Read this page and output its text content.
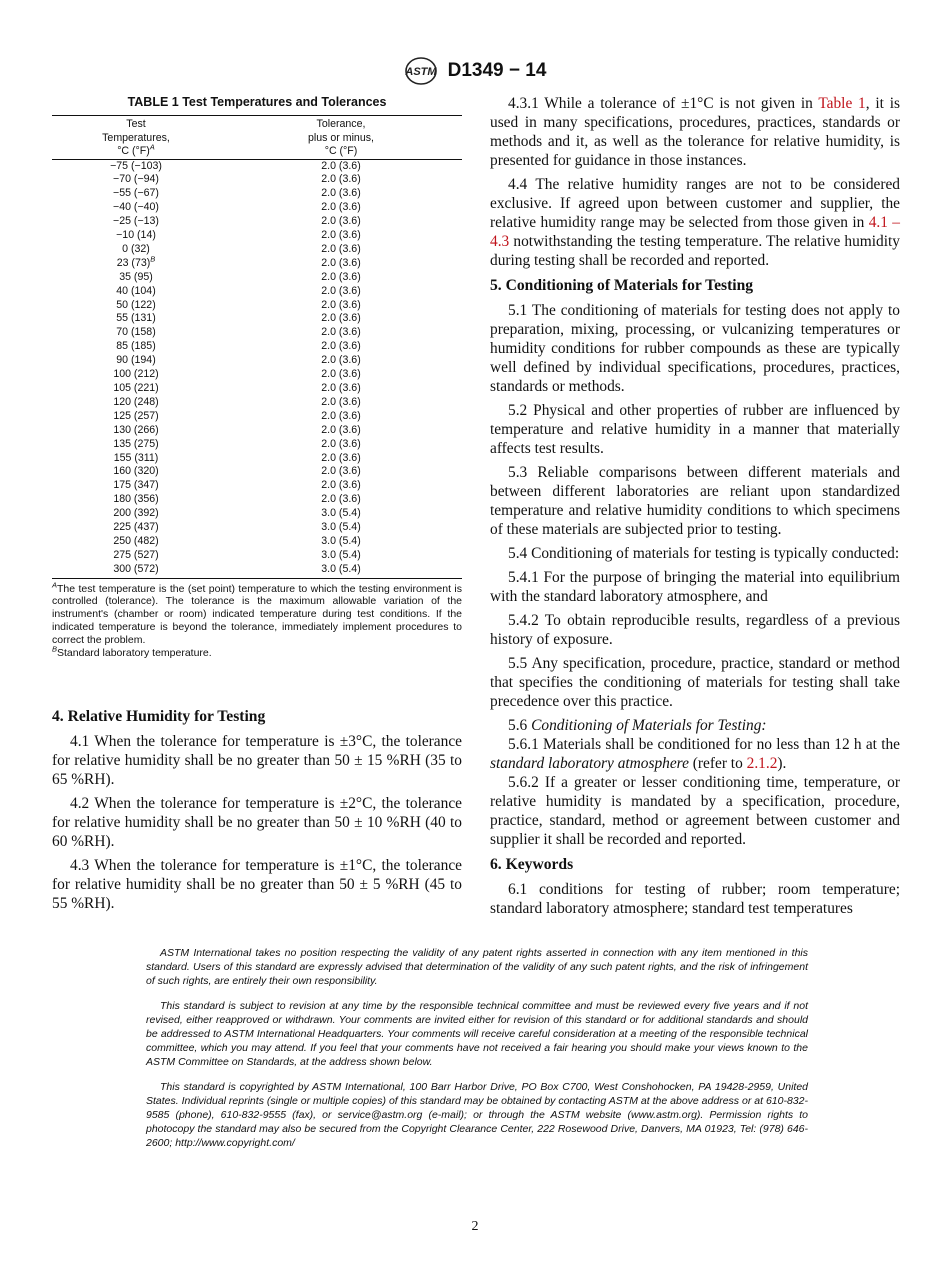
ASTM D1349 − 14
TABLE 1 Test Temperatures and Tolerances
Test
Temperatures,
°C $(^\circ F)^A$	Tolerance,
plus or minus,
°C (°F)
−75 (−103)	2.0 (3.6)
−70 (−94)	2.0 (3.6)
−55 (−67)	2.0 (3.6)
−40 (−40)	2.0 (3.6)
−25 (−13)	2.0 (3.6)
−10 (14)	2.0 (3.6)
0 (32)	2.0 (3.6)
23 $(73)^B$	2.0 (3.6)
35 (95)	2.0 (3.6)
40 (104)	2.0 (3.6)
50 (122)	2.0 (3.6)
55 (131)	2.0 (3.6)
70 (158)	2.0 (3.6)
85 (185)	2.0 (3.6)
90 (194)	2.0 (3.6)
100 (212)	2.0 (3.6)
105 (221)	2.0 (3.6)
120 (248)	2.0 (3.6)
125 (257)	2.0 (3.6)
130 (266)	2.0 (3.6)
135 (275)	2.0 (3.6)
155 (311)	2.0 (3.6)
160 (320)	2.0 (3.6)
175 (347)	2.0 (3.6)
180 (356)	2.0 (3.6)
200 (392)	3.0 (5.4)
225 (437)	3.0 (5.4)
250 (482)	3.0 (5.4)
275 (527)	3.0 (5.4)
300 (572)	3.0 (5.4)
$^A$The test temperature is the (set point) temperature to which the testing environment is controlled (tolerance). The tolerance is the maximum allowable variation of the instrument's (chamber or room) indicated temperature during test conditions. If the indicated temperature is beyond the tolerance, immediately implement procedures to correct the problem.
$^B$Standard laboratory temperature.
4. Relative Humidity for Testing

4.1 When the tolerance for temperature is ±3°C, the tolerance for relative humidity shall be no greater than 50 ± 15 %RH (35 to 65 %RH).

4.2 When the tolerance for temperature is ±2°C, the tolerance for relative humidity shall be no greater than 50 ± 10 %RH (40 to 60 %RH).

4.3 When the tolerance for temperature is ±1°C, the tolerance for relative humidity shall be no greater than 50 ± 5 %RH (45 to 55 %RH).

4.3.1 While a tolerance of ±1°C is not given in Table 1, it is used in many specifications, procedures, practices, standards or methods and it, as well as the tolerance for relative humidity, is presented for guidance in those instances.

4.4 The relative humidity ranges are not to be considered exclusive. If agreed upon between customer and supplier, the relative humidity range may be selected from those given in 4.1 – 4.3 notwithstanding the testing temperature. The relative humidity during testing shall be recorded and reported.

5. Conditioning of Materials for Testing

5.1 The conditioning of materials for testing does not apply to preparation, mixing, processing, or vulcanizing temperatures or humidity conditions for rubber compounds as these are typically well defined by individual specifications, procedures, practices, standards or methods.

5.2 Physical and other properties of rubber are influenced by temperature and relative humidity in a manner that materially affects test results.

5.3 Reliable comparisons between different materials and between different laboratories are reliant upon standardized temperature and relative humidity conditions to which specimens of these materials are subjected prior to testing.

5.4 Conditioning of materials for testing is typically conducted:

5.4.1 For the purpose of bringing the material into equilibrium with the standard laboratory atmosphere, and

5.4.2 To obtain reproducible results, regardless of a previous history of exposure.

5.5 Any specification, procedure, practice, standard or method that specifies the conditioning of materials for testing shall take precedence over this practice.

5.6 Conditioning of Materials for Testing:

5.6.1 Materials shall be conditioned for no less than 12 h at the standard laboratory atmosphere (refer to 2.1.2).

5.6.2 If a greater or lesser conditioning time, temperature, or relative humidity is mandated by a specification, procedure, practice, standard, method or agreement between customer and supplier it shall be recorded and reported.

6. Keywords

6.1 conditions for testing of rubber; room temperature; standard laboratory atmosphere; standard test temperatures

ASTM International takes no position respecting the validity of any patent rights asserted in connection with any item mentioned in this standard. Users of this standard are expressly advised that determination of the validity of any such patent rights, and the risk of infringement of such rights, are entirely their own responsibility.

This standard is subject to revision at any time by the responsible technical committee and must be reviewed every five years and if not revised, either reapproved or withdrawn. Your comments are invited either for revision of this standard or for additional standards and should be addressed to ASTM International Headquarters. Your comments will receive careful consideration at a meeting of the responsible technical committee, which you may attend. If you feel that your comments have not received a fair hearing you should make your views known to the ASTM Committee on Standards, at the address shown below.

This standard is copyrighted by ASTM International, 100 Barr Harbor Drive, PO Box C700, West Conshohocken, PA 19428-2959, United States. Individual reprints (single or multiple copies) of this standard may be obtained by contacting ASTM at the above address or at 610-832-9585 (phone), 610-832-9555 (fax), or service@astm.org (e-mail); or through the ASTM website (www.astm.org). Permission rights to photocopy the standard may also be secured from the Copyright Clearance Center, 222 Rosewood Drive, Danvers, MA 01923, Tel: (978) 646-2600; http://www.copyright.com/

2
